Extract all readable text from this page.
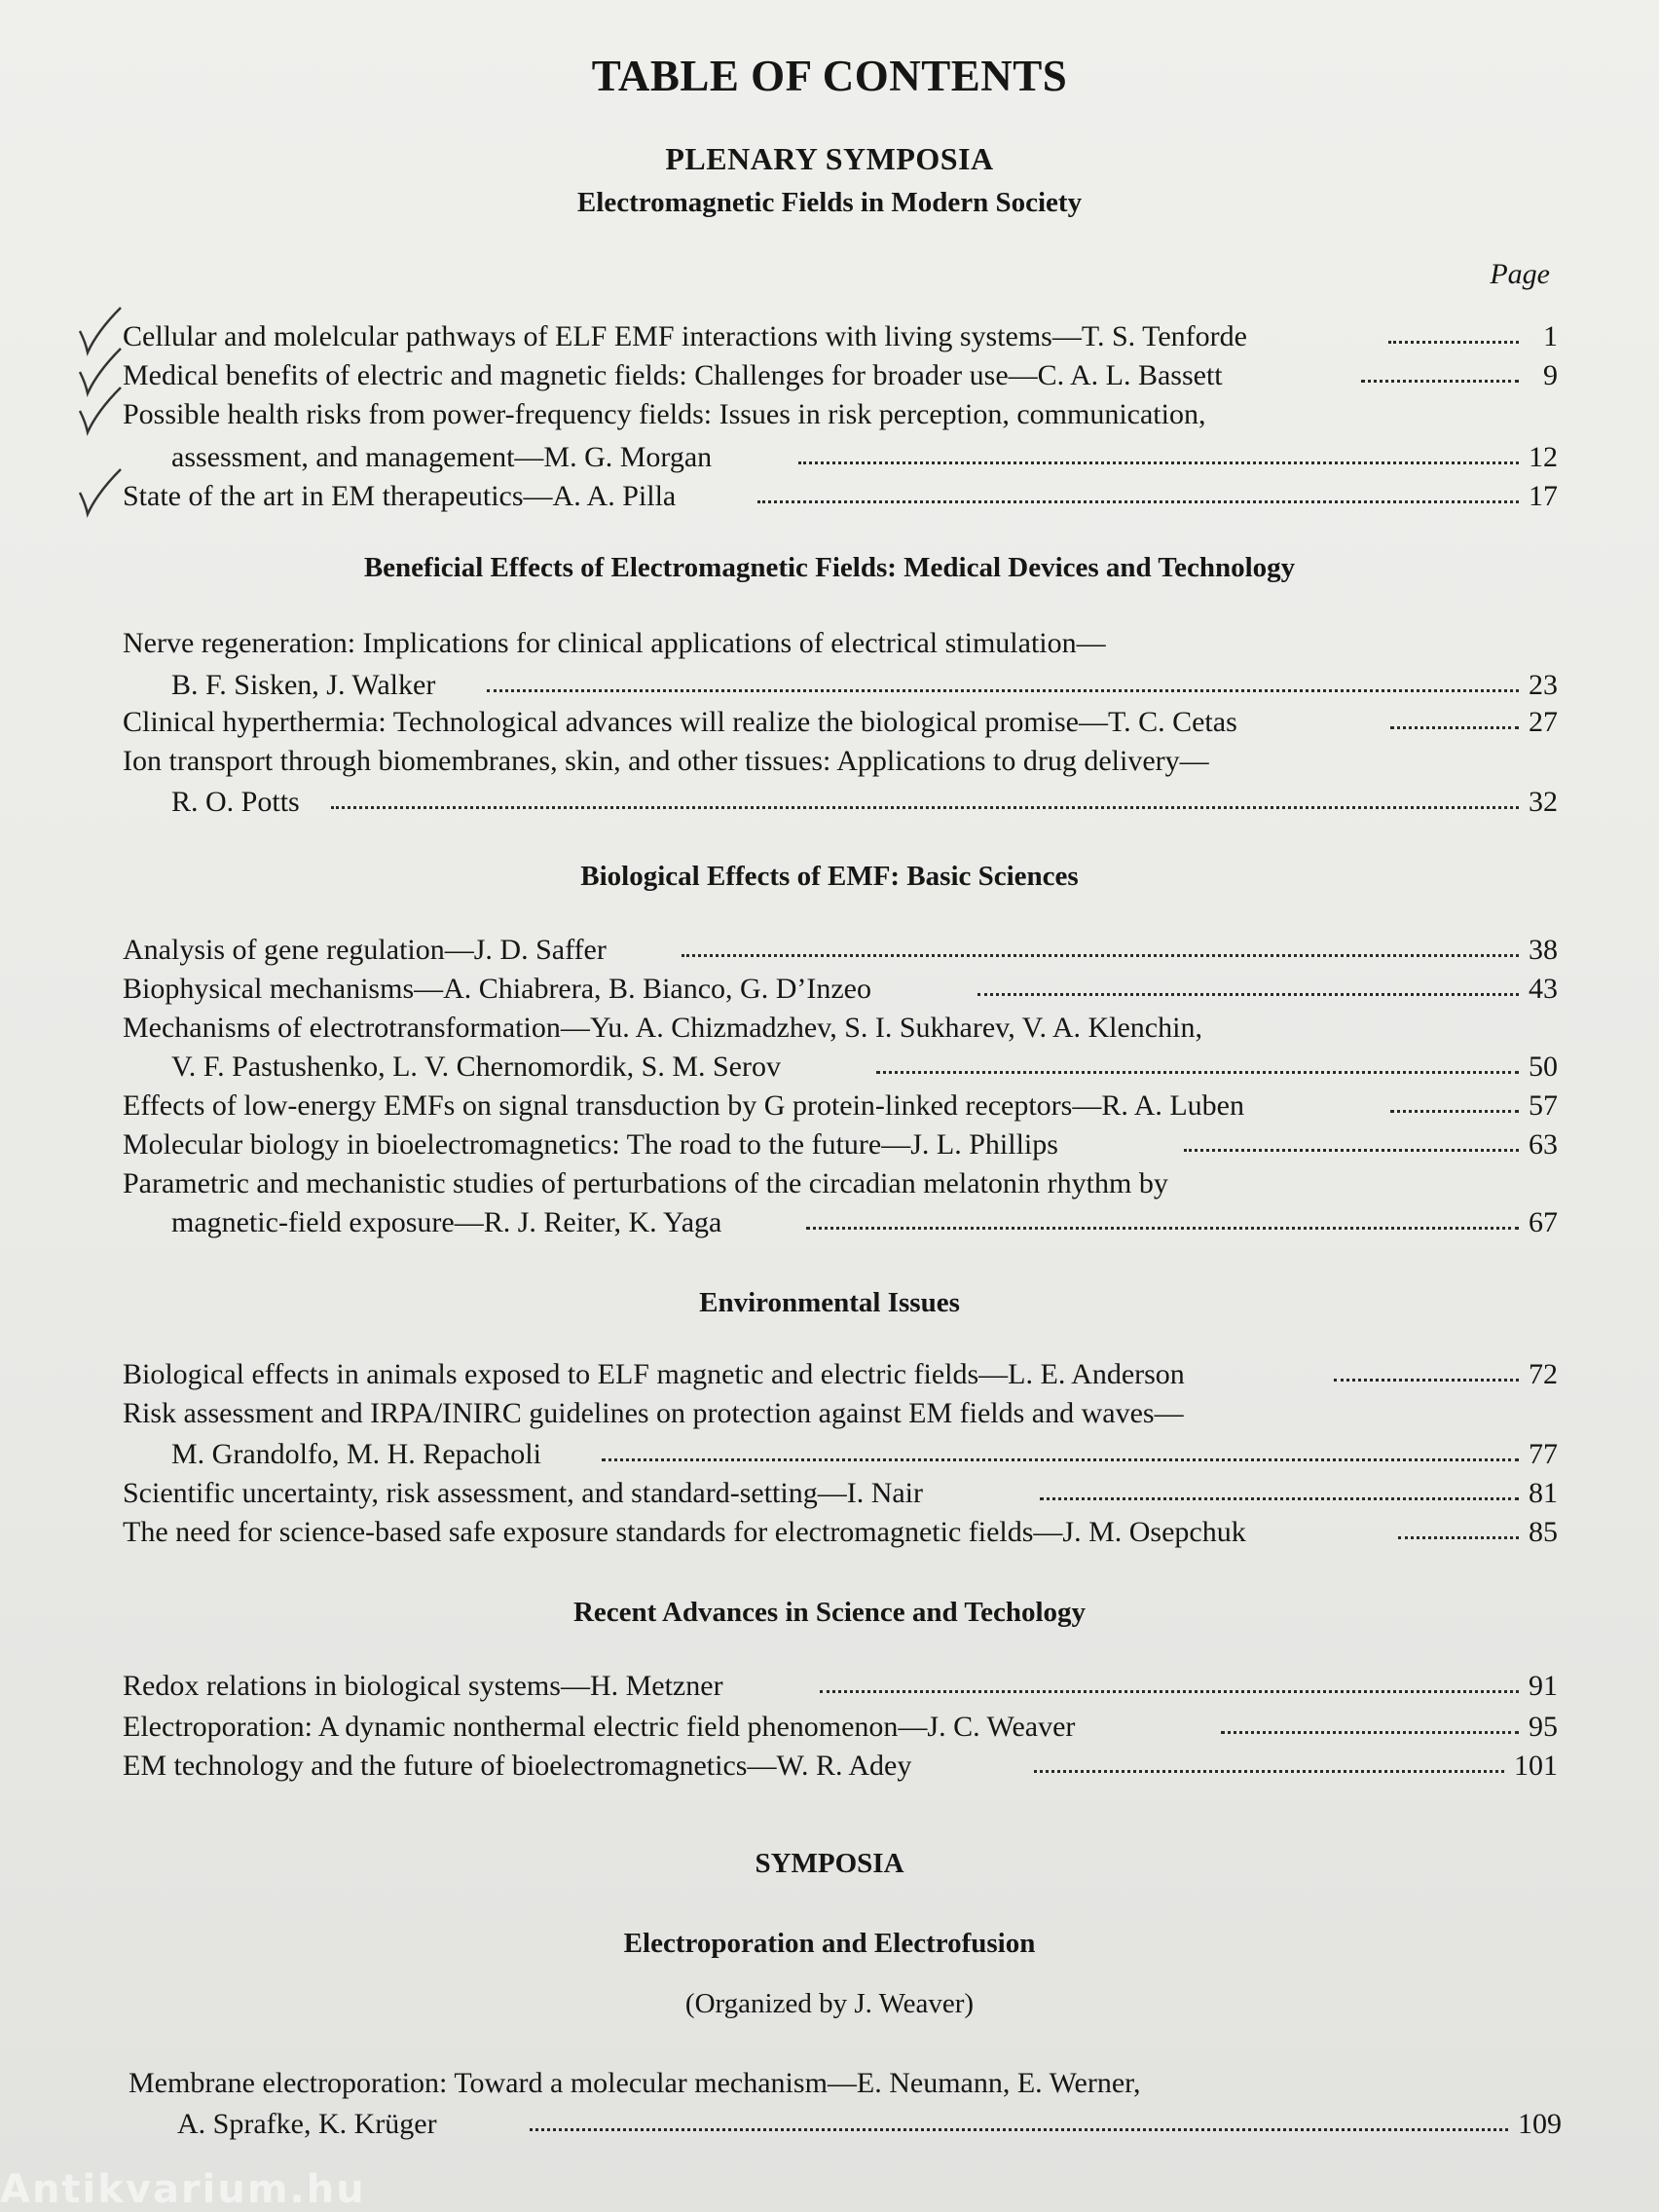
TABLE OF CONTENTS
PLENARY SYMPOSIA
Electromagnetic Fields in Modern Society
Page
Cellular and molelcular pathways of ELF EMF interactions with living systems—T. S. Tenforde	1
Medical benefits of electric and magnetic fields: Challenges for broader use—C. A. L. Bassett	9
Possible health risks from power-frequency fields: Issues in risk perception, communication,
assessment, and management—M. G. Morgan	12
State of the art in EM therapeutics—A. A. Pilla	17
Beneficial Effects of Electromagnetic Fields: Medical Devices and Technology
Nerve regeneration: Implications for clinical applications of electrical stimulation—
B. F. Sisken, J. Walker	23
Clinical hyperthermia: Technological advances will realize the biological promise—T. C. Cetas	27
Ion transport through biomembranes, skin, and other tissues: Applications to drug delivery—
R. O. Potts	32
Biological Effects of EMF: Basic Sciences
Analysis of gene regulation—J. D. Saffer	38
Biophysical mechanisms—A. Chiabrera, B. Bianco, G. D’Inzeo	43
Mechanisms of electrotransformation—Yu. A. Chizmadzhev, S. I. Sukharev, V. A. Klenchin,
V. F. Pastushenko, L. V. Chernomordik, S. M. Serov	50
Effects of low-energy EMFs on signal transduction by G protein-linked receptors—R. A. Luben	57
Molecular biology in bioelectromagnetics: The road to the future—J. L. Phillips	63
Parametric and mechanistic studies of perturbations of the circadian melatonin rhythm by
magnetic-field exposure—R. J. Reiter, K. Yaga	67
Environmental Issues
Biological effects in animals exposed to ELF magnetic and electric fields—L. E. Anderson	72
Risk assessment and IRPA/INIRC guidelines on protection against EM fields and waves—
M. Grandolfo, M. H. Repacholi	77
Scientific uncertainty, risk assessment, and standard-setting—I. Nair	81
The need for science-based safe exposure standards for electromagnetic fields—J. M. Osepchuk	85
Recent Advances in Science and Techology
Redox relations in biological systems—H. Metzner	91
Electroporation: A dynamic nonthermal electric field phenomenon—J. C. Weaver	95
EM technology and the future of bioelectromagnetics—W. R. Adey	101
SYMPOSIA
Electroporation and Electrofusion
(Organized by J. Weaver)
Membrane electroporation: Toward a molecular mechanism—E. Neumann, E. Werner,
A. Sprafke, K. Krüger	109
Antikvarium.hu
